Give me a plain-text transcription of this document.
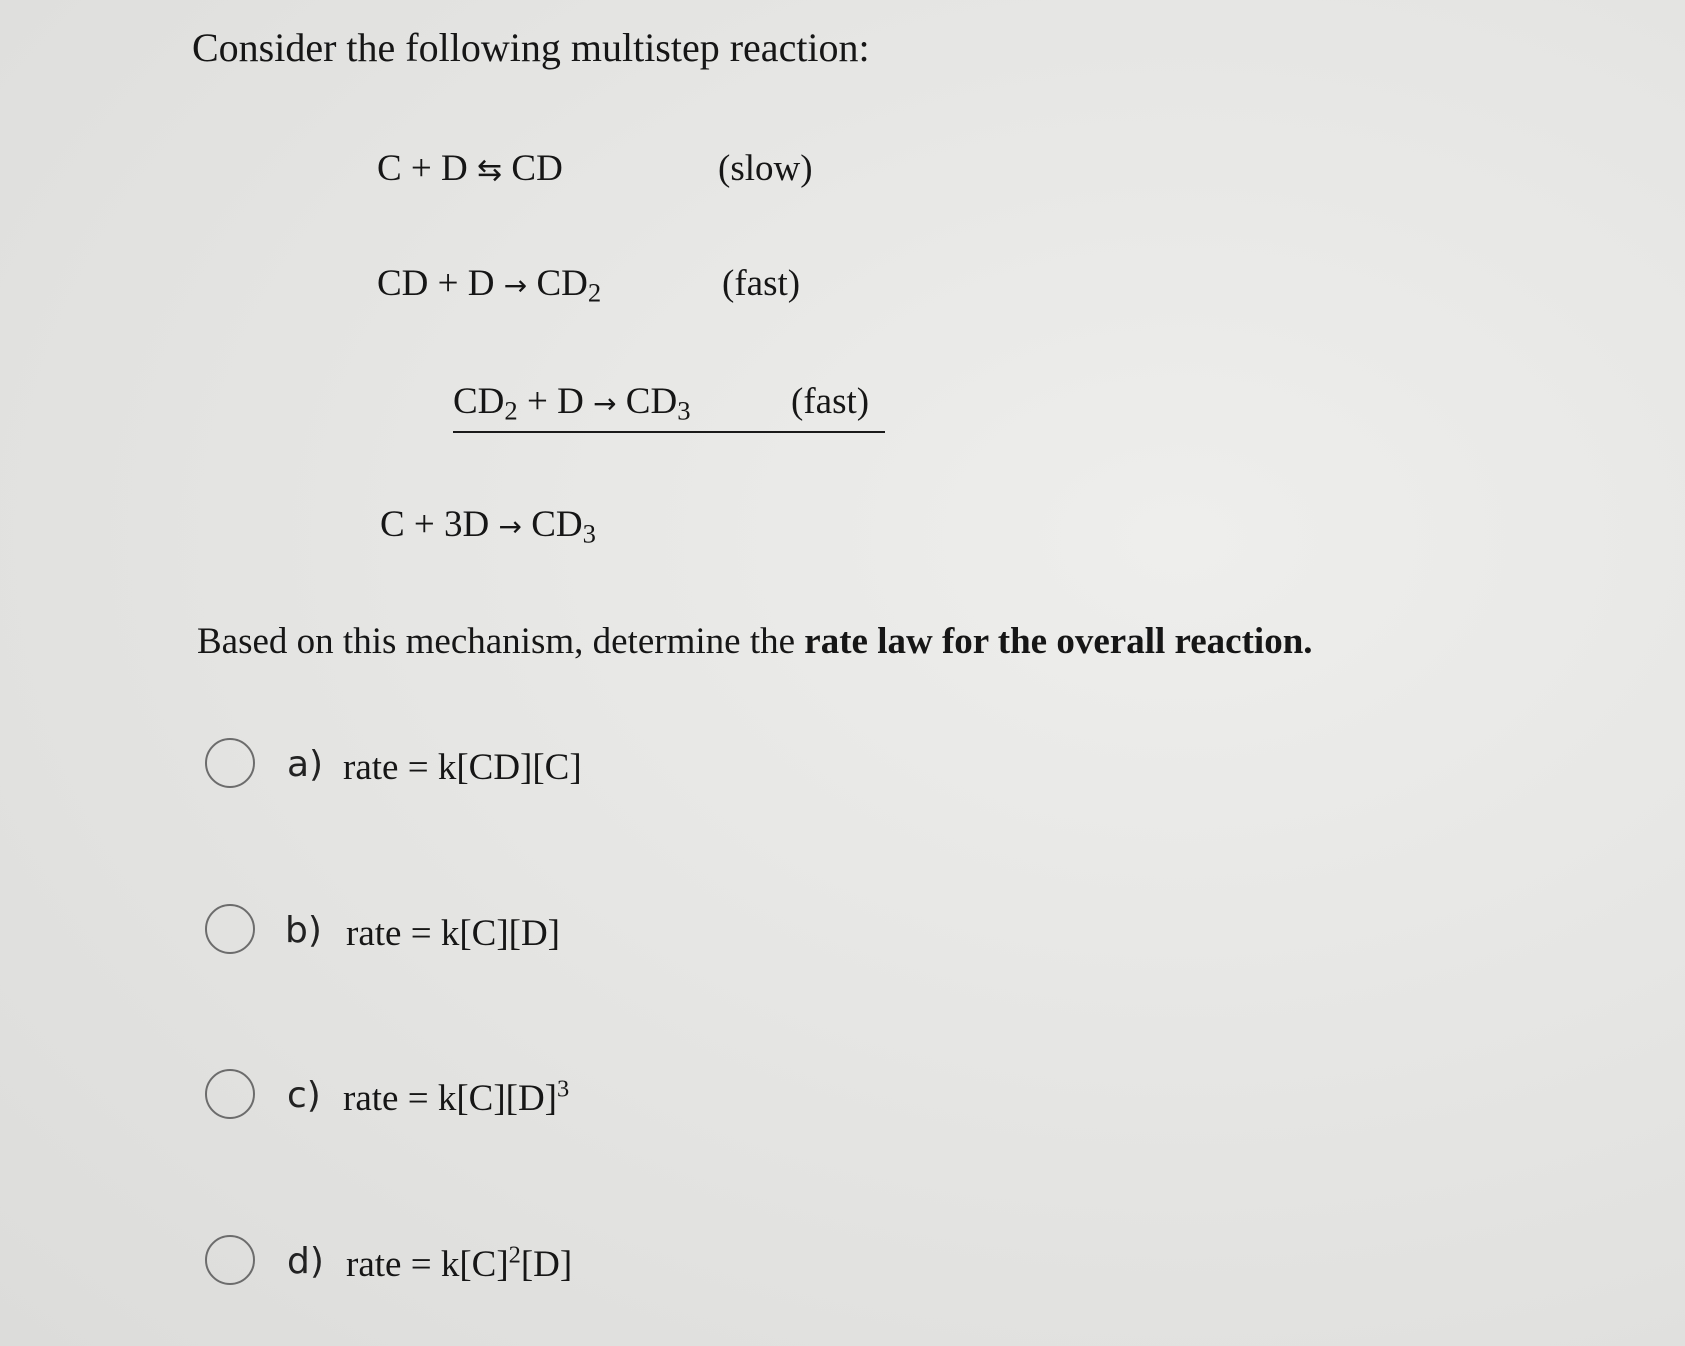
Consider the following multistep reaction:
C + D ⇆ CD	(slow)
CD + $D \to CD_2$	(fast)
$CD_2 + D \to CD_3$	(fast)
$C + 3D \to CD_3$

Based on this mechanism, determine the rate law for the overall reaction.

a) rate = k[CD][C]
b) rate = k[C][D]
c) rate = $k[C][D]^3$
d) rate = $k[C]^2[D]$
